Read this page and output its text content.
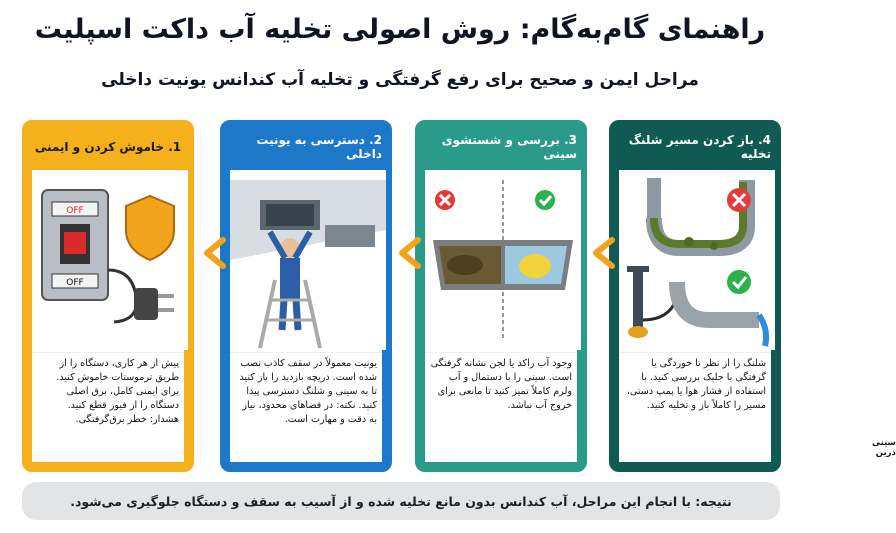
راهنمای گام‌به‌گام: روش اصولی تخلیه آب داکت اسپلیت
مراحل ایمن و صحیح برای رفع گرفتگی و تخلیه آب کندانس یونیت داخلی
4. باز کردن مسیر شلنگ تخلیه
شلنگ را از نظر تا خوردگی یا گرفتگی با جلبک بررسی کنید. با استفاده از فشار هوا یا پمپ دستی، مسیر را کاملاً باز و تخلیه کنید.
3. بررسی و شستشوی سینی
سینی درین
وجود آب راکد یا لجن نشانه گرفتگی است. سینی را با دستمال و آب ولرم کاملاً تمیز کنید تا مانعی برای خروج آب نباشد.
2. دسترسی به یونیت داخلی
یونیت معمولاً در سقف کاذب نصب شده است. دریچه بازدید را باز کنید تا به سینی و شلنگ دسترسی پیدا کنید. نکته: در فضاهای محدود، نیاز به دقت و مهارت است.
1. خاموش کردن و ایمنی
OFF
OFF
پیش از هر کاری، دستگاه را از طریق ترموستات خاموش کنید. برای ایمنی کامل، برق اصلی دستگاه را از فیوز قطع کنید. هشدار: خطر برق‌گرفتگی.
نتیجه: با انجام این مراحل، آب کندانس بدون مانع تخلیه شده و از آسیب به سقف و دستگاه جلوگیری می‌شود.
